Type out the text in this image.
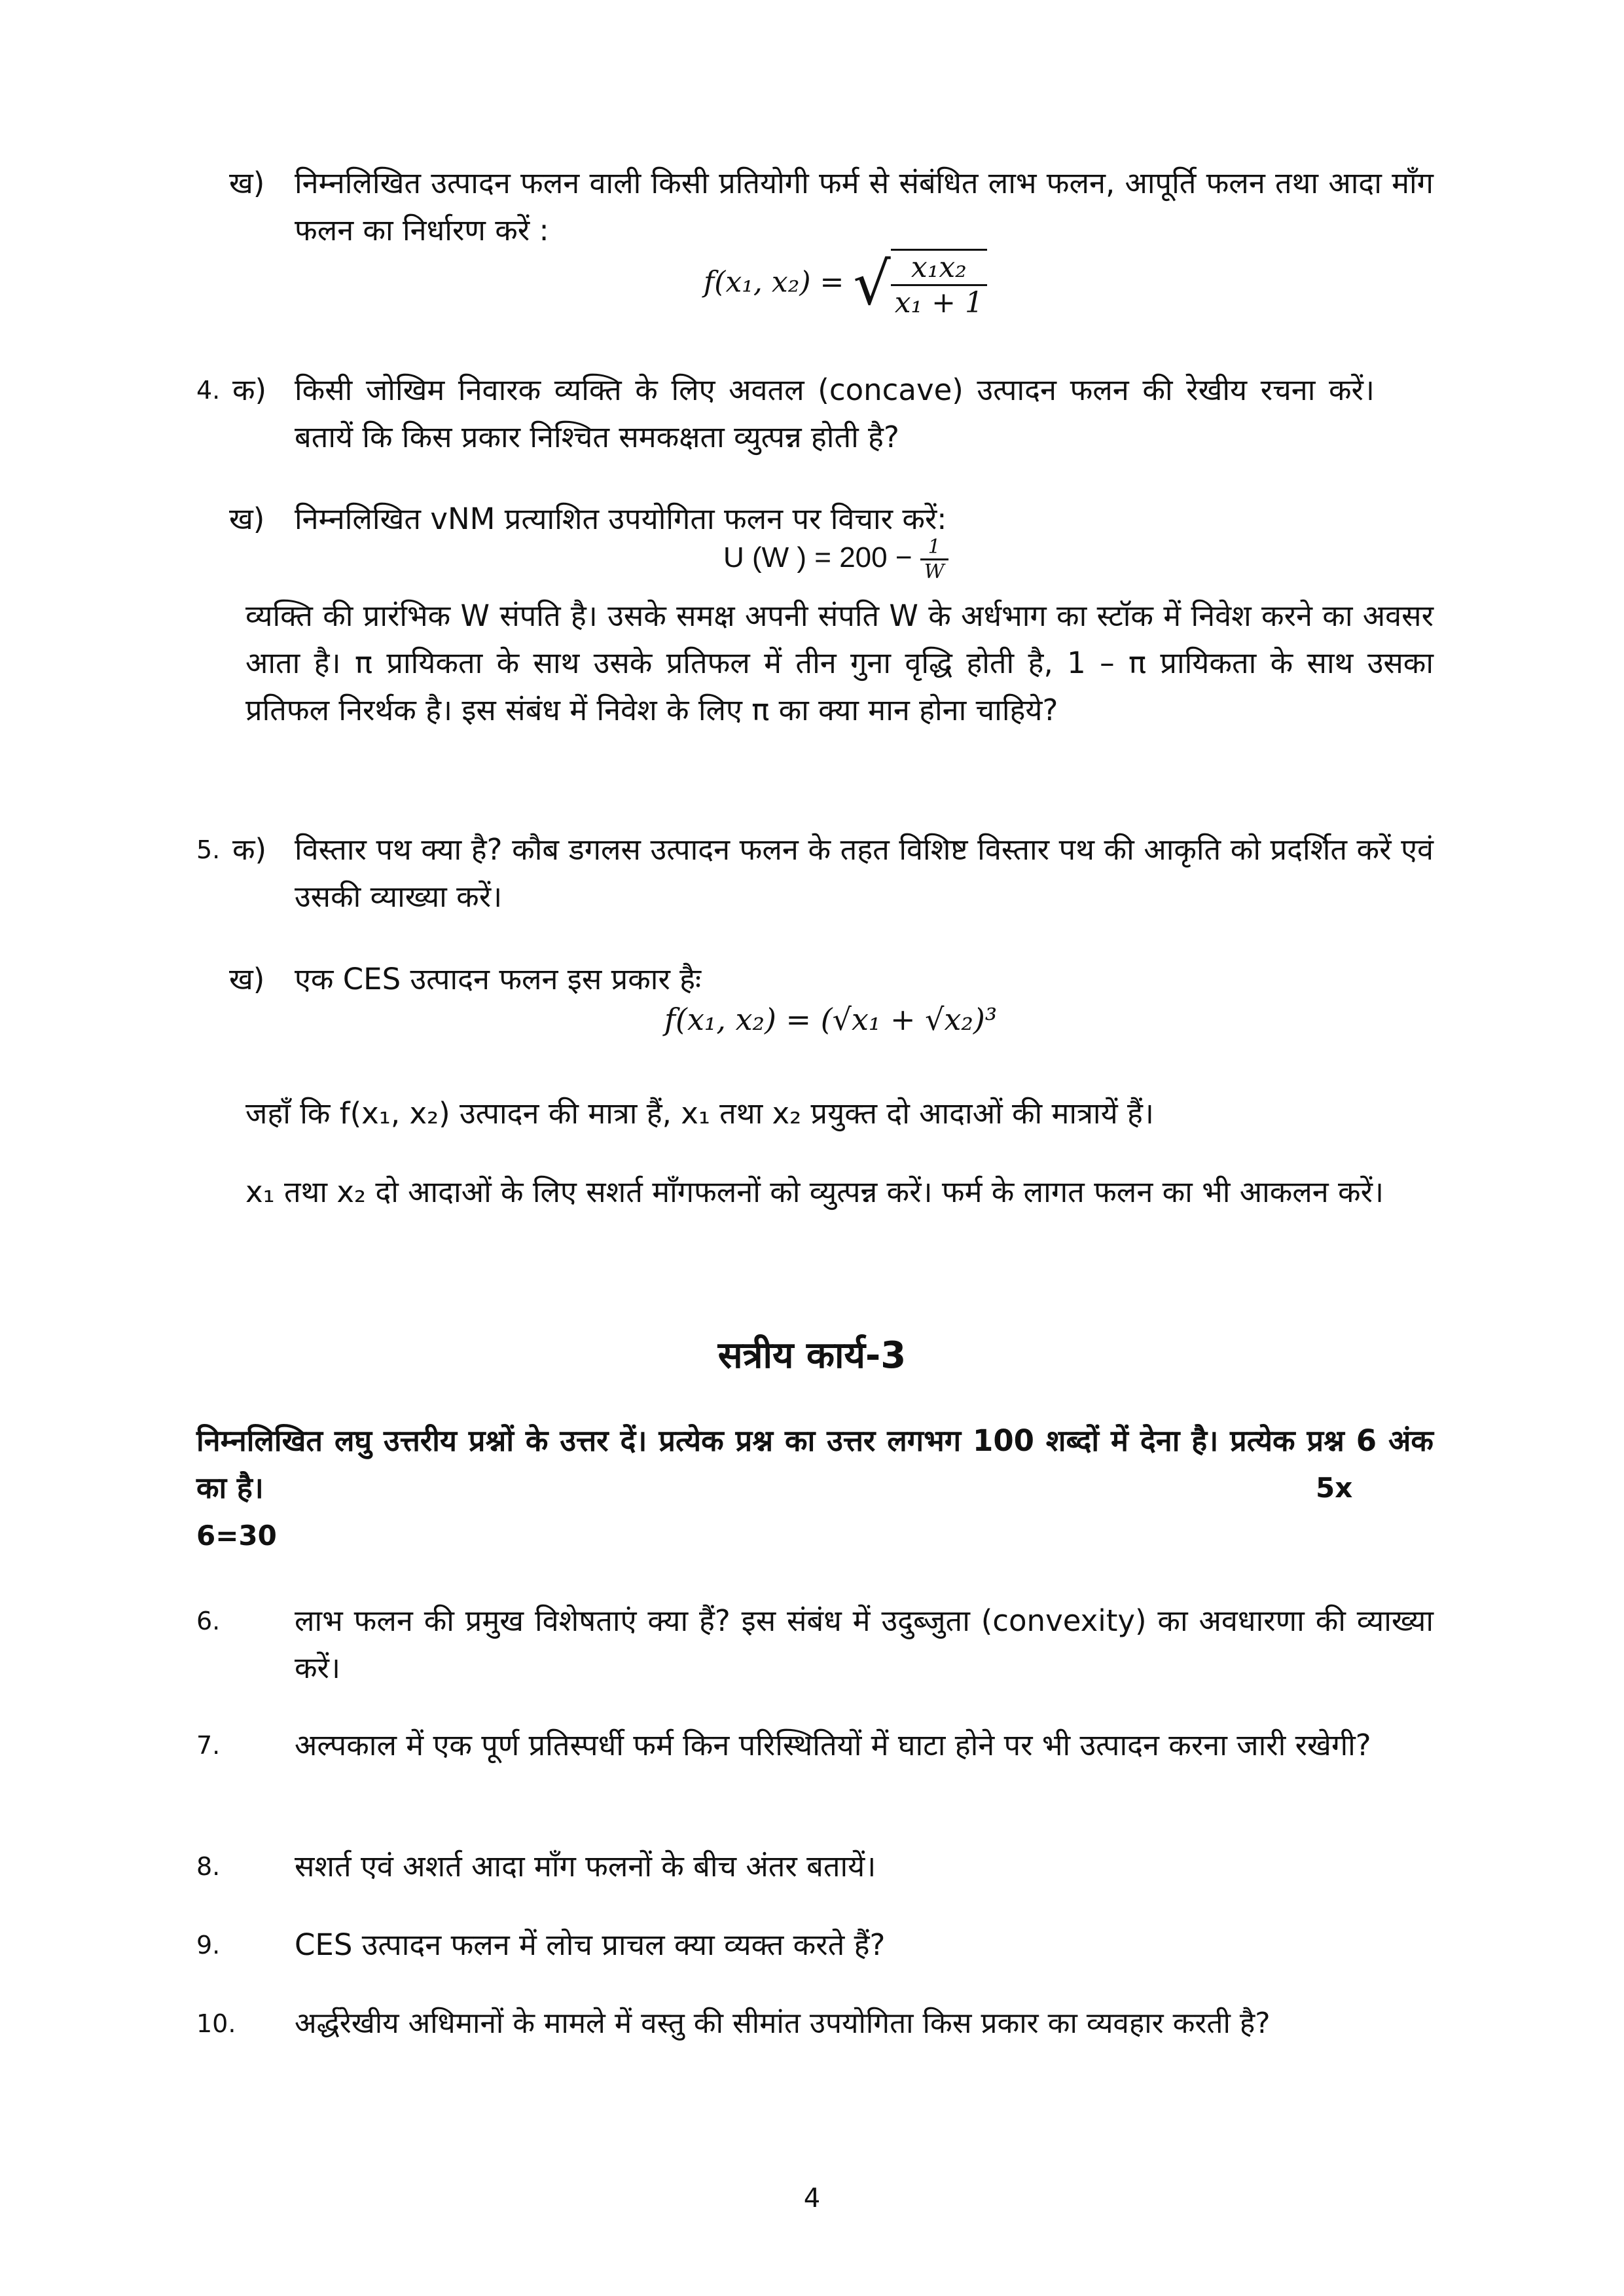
ख) निम्नलिखित उत्पादन फलन वाली किसी प्रतियोगी फर्म से संबंधित लाभ फलन, आपूर्ति फलन तथा आदा माँग फलन का निर्धारण करें :
f(x₁, x₂) = √ $\frac{\text{x₁x₂}}{\text{x₁ + 1}}$
4. क) किसी जोखिम निवारक व्यक्ति के लिए अवतल (concave) उत्पादन फलन की रेखीय रचना करें। बतायें कि किस प्रकार निश्चित समकक्षता व्युत्पन्न होती है?
ख) निम्नलिखित vNM प्रत्याशित उपयोगिता फलन पर विचार करें:
U (W ) = $200 - \frac{1}{W}$
व्यक्ति की प्रारंभिक W संपति है। उसके समक्ष अपनी संपति W के अर्धभाग का स्टॉक में निवेश करने का अवसर आता है। π प्रायिकता के साथ उसके प्रतिफल में तीन गुना वृद्धि होती है, 1 – π प्रायिकता के साथ उसका प्रतिफल निरर्थक है। इस संबंध में निवेश के लिए π का क्या मान होना चाहिये?
5. क) विस्तार पथ क्या है? कौब डगलस उत्पादन फलन के तहत विशिष्ट विस्तार पथ की आकृति को प्रदर्शित करें एवं उसकी व्याख्या करें।
ख) एक CES उत्पादन फलन इस प्रकार हैः
f(x₁, x₂) = (√x₁ + √x₂)³
जहाँ कि f(x₁, x₂) उत्पादन की मात्रा हैं, x₁ तथा x₂ प्रयुक्त दो आदाओं की मात्रायें हैं।
x₁ तथा x₂ दो आदाओं के लिए सशर्त माँगफलनों को व्युत्पन्न करें। फर्म के लागत फलन का भी आकलन करें।
सत्रीय कार्य-3
निम्नलिखित लघु उत्तरीय प्रश्नों के उत्तर दें। प्रत्येक प्रश्न का उत्तर लगभग 100 शब्दों में देना है। प्रत्येक प्रश्न 6 अंक का है।	5x
6=30
6.	लाभ फलन की प्रमुख विशेषताएं क्या हैं? इस संबंध में उदुब्जुता (convexity) का अवधारणा की व्याख्या करें।
7.	अल्पकाल में एक पूर्ण प्रतिस्पर्धी फर्म किन परिस्थितियों में घाटा होने पर भी उत्पादन करना जारी रखेगी?
8.	सशर्त एवं अशर्त आदा माँग फलनों के बीच अंतर बतायें।
9.	CES उत्पादन फलन में लोच प्राचल क्या व्यक्त करते हैं?
10. अर्द्धरेखीय अधिमानों के मामले में वस्तु की सीमांत उपयोगिता किस प्रकार का व्यवहार करती है?
4
